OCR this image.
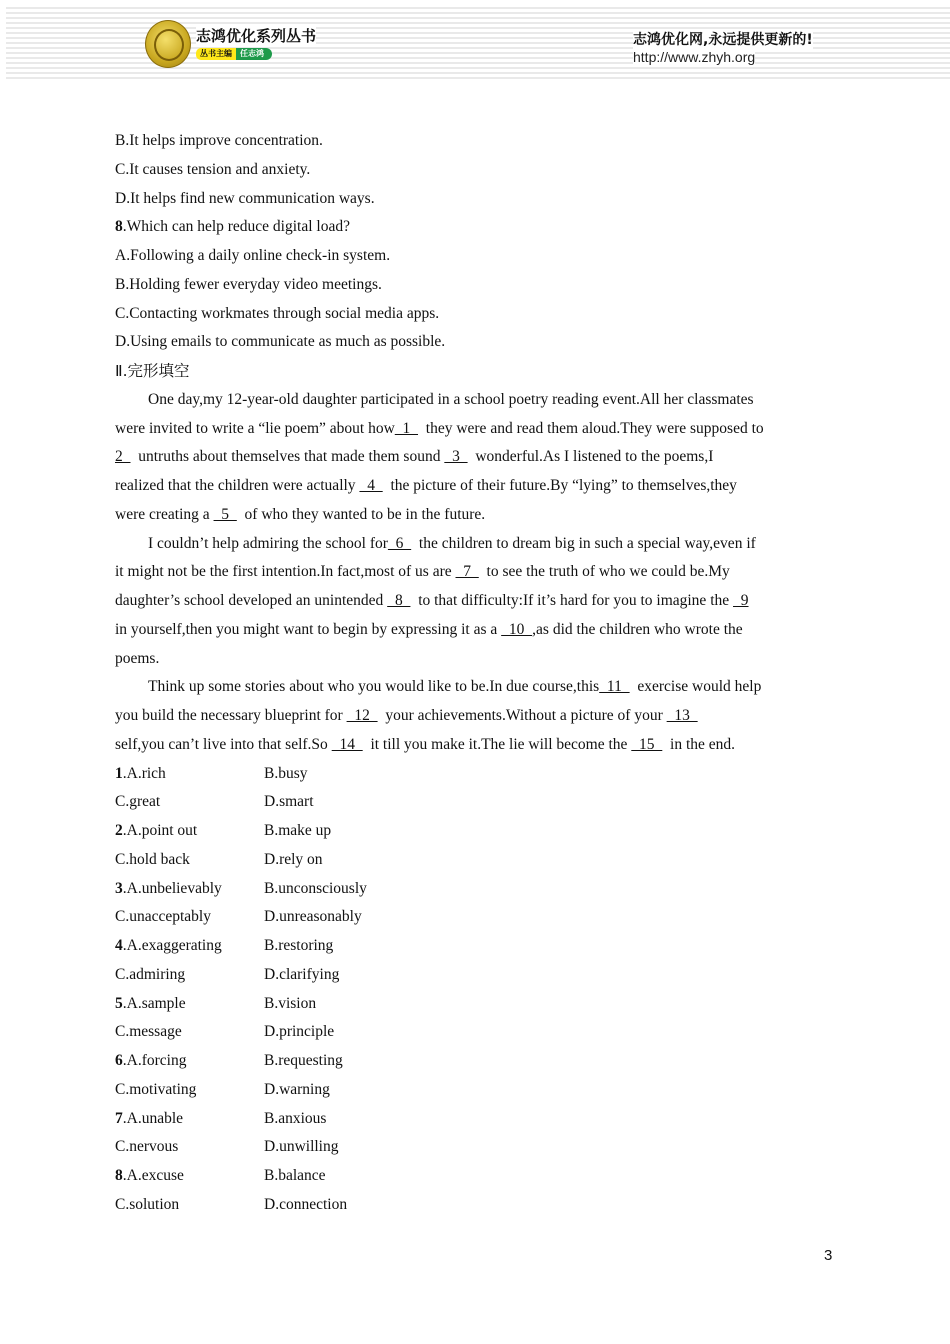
志鸿优化系列丛书
丛书主编	任志鸿
志鸿优化网,永远提供更新的!
http://www.zhyh.org
B.It helps improve concentration.
C.It causes tension and anxiety.
D.It helps find new communication ways.
8.Which can help reduce digital load?
A.Following a daily online check-in system.
B.Holding fewer everyday video meetings.
C.Contacting workmates through social media apps.
D.Using emails to communicate as much as possible.
Ⅱ.完形填空
One day,my 12-year-old daughter participated in a school poetry reading event.All her classmates
were invited to write a “lie poem” about how  1    they were and read them aloud.They were supposed to
2    untruths about themselves that made them sound   3    wonderful.As I listened to the poems,I
realized that the children were actually   4    the picture of their future.By “lying” to themselves,they
were creating a   5    of who they wanted to be in the future.
I couldn’t help admiring the school for  6    the children to dream big in such a special way,even if
it might not be the first intention.In fact,most of us are   7    to see the truth of who we could be.My
daughter’s school developed an unintended   8    to that difficulty:If it’s hard for you to imagine the   9
in yourself,then you might want to begin by expressing it as a   10  ,as did the children who wrote the
poems.
Think up some stories about who you would like to be.In due course,this  11    exercise would help
you build the necessary blueprint for   12    your achievements.Without a picture of your   13
self,you can’t live into that self.So   14    it till you make it.The lie will become the   15    in the end.
1.A.rich	B.busy
C.great	D.smart
2.A.point out	B.make up
C.hold back	D.rely on
3.A.unbelievably	B.unconsciously
C.unacceptably	D.unreasonably
4.A.exaggerating	B.restoring
C.admiring	D.clarifying
5.A.sample	B.vision
C.message	D.principle
6.A.forcing	B.requesting
C.motivating	D.warning
7.A.unable	B.anxious
C.nervous	D.unwilling
8.A.excuse	B.balance
C.solution	D.connection
3
